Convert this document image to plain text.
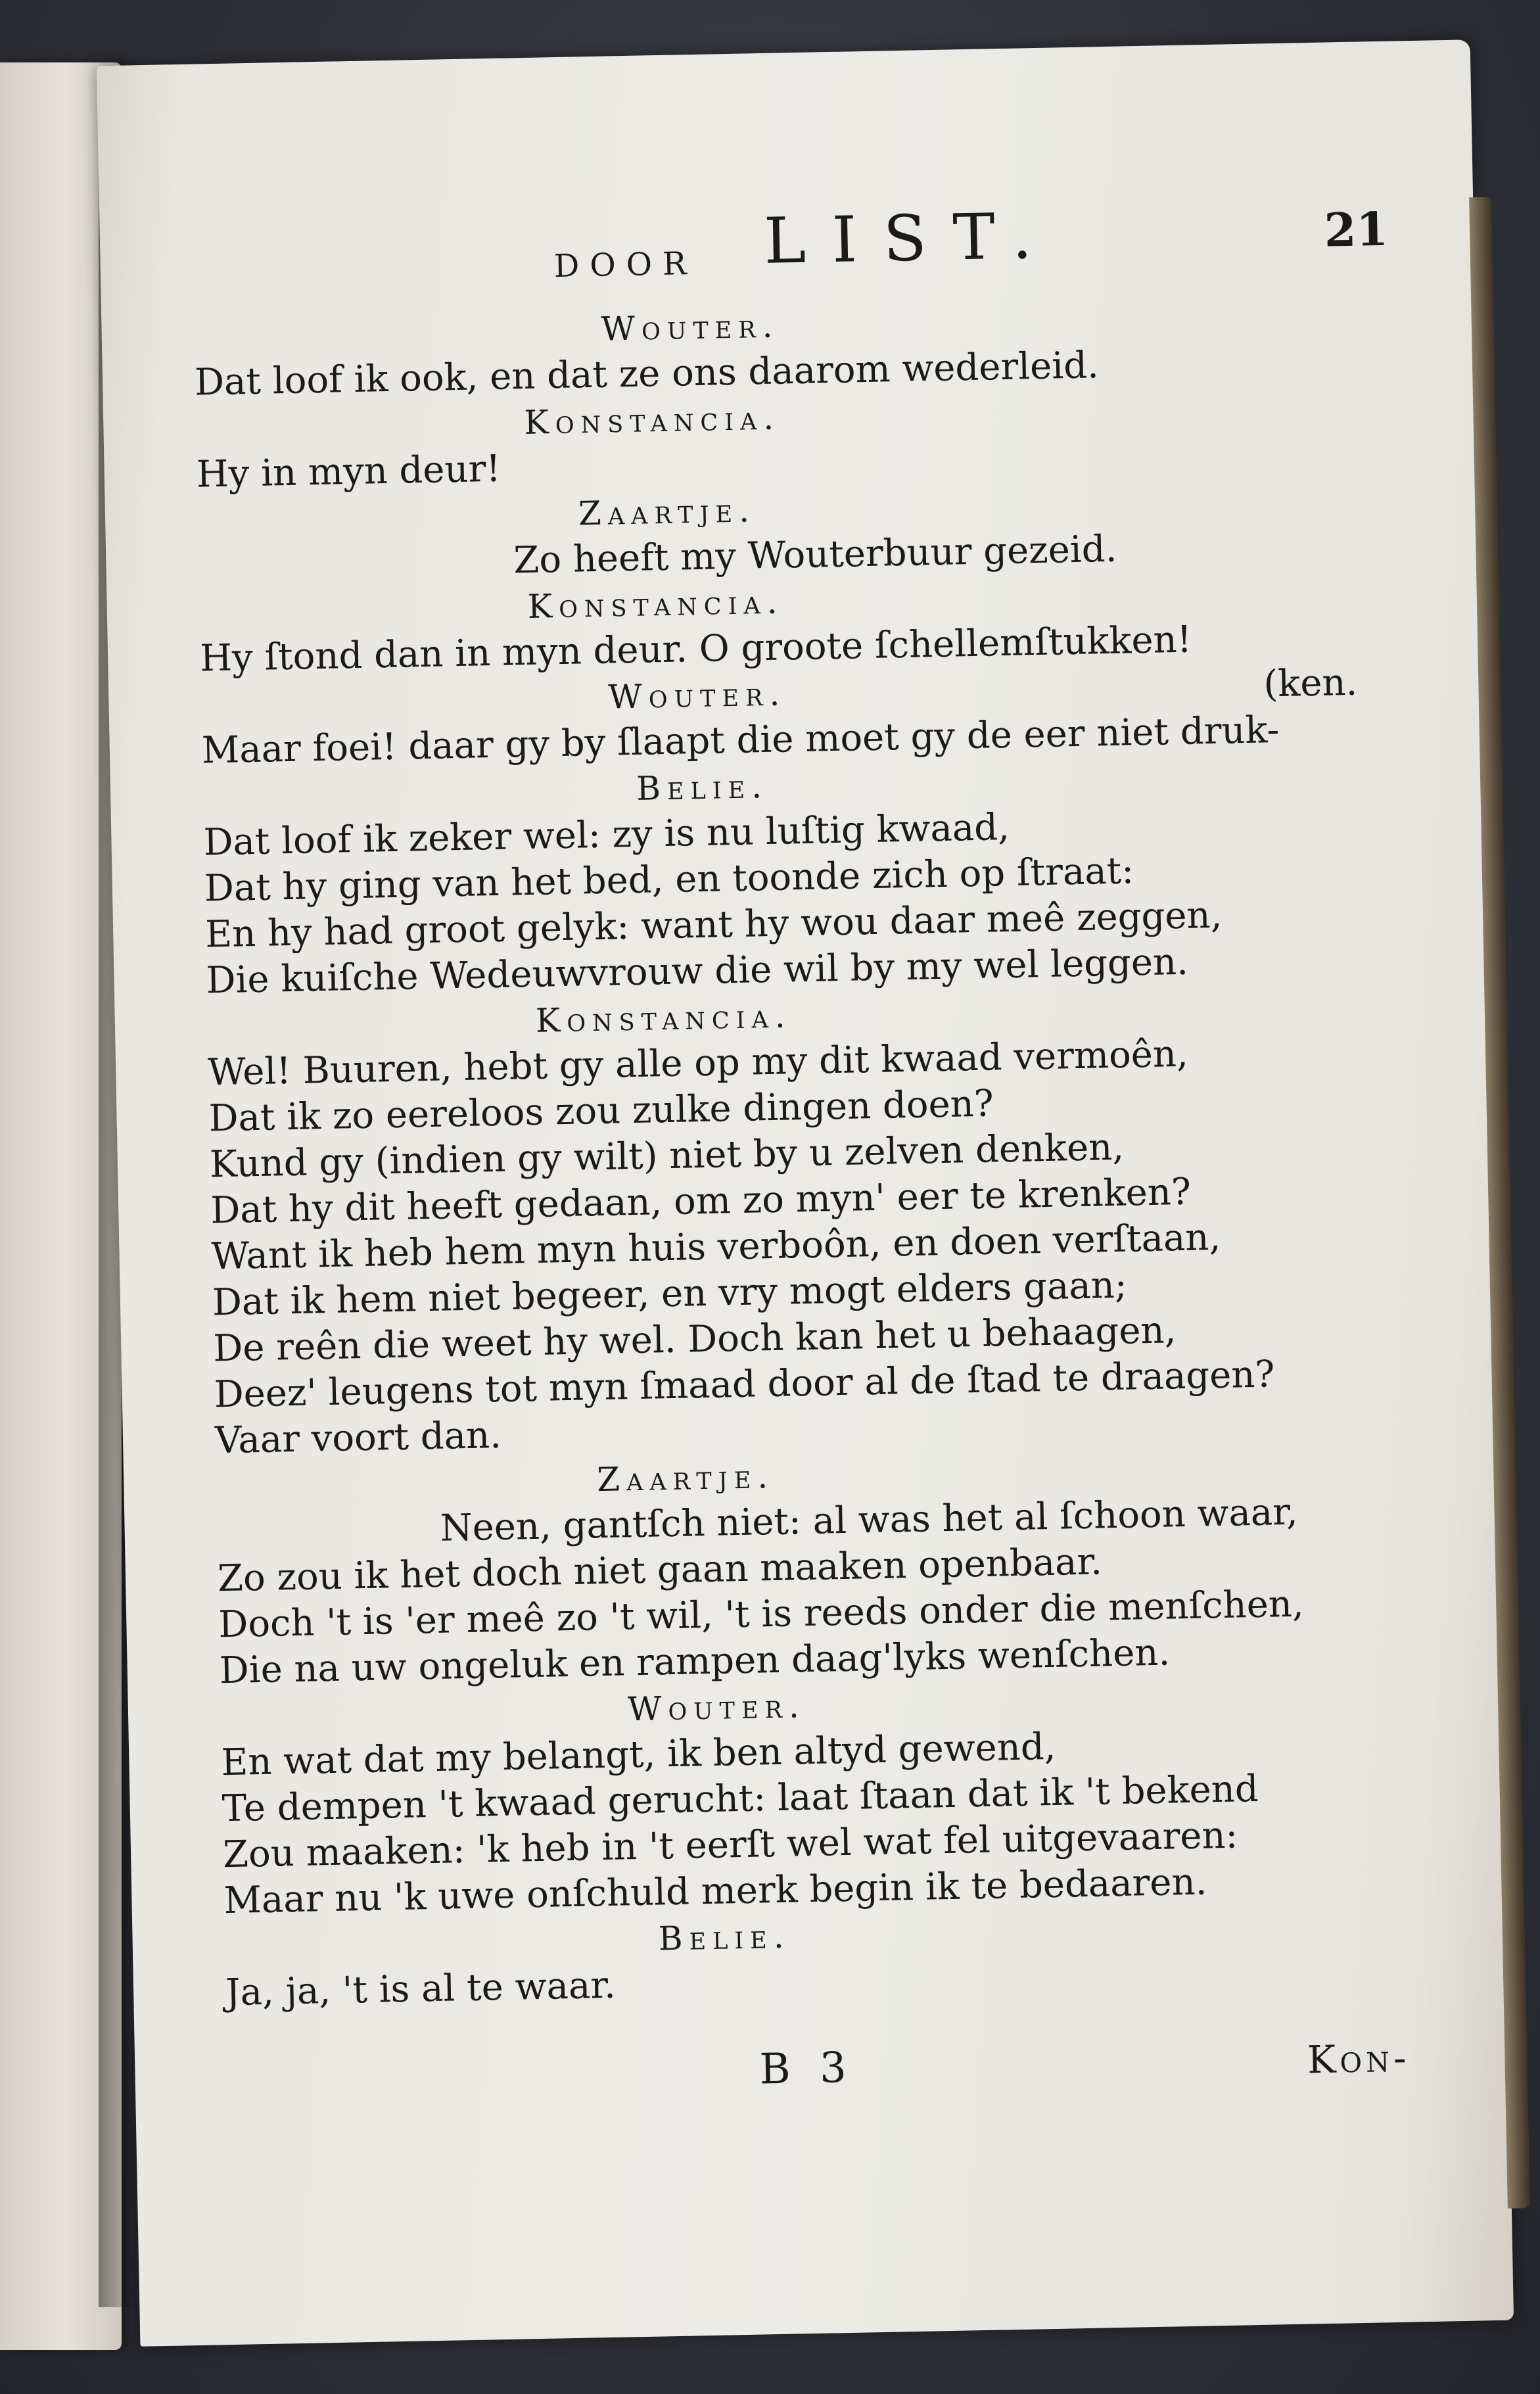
DOOR LIST.	21
Wouter.
Dat loof ik ook, en dat ze ons daarom wederleid.
Konstancia.
Hy in myn deur!
Zaartje.
Zo heeft my Wouterbuur gezeid.
Konstancia.
Hy ſtond dan in myn deur. O groote ſchellemſtukken!
Wouter.	(ken.
Maar foei! daar gy by ſlaapt die moet gy de eer niet druk-
Belie.
Dat loof ik zeker wel: zy is nu luſtig kwaad,
Dat hy ging van het bed, en toonde zich op ſtraat:
En hy had groot gelyk: want hy wou daar meê zeggen,
Die kuiſche Wedeuwvrouw die wil by my wel leggen.
Konstancia.
Wel! Buuren, hebt gy alle op my dit kwaad vermoên,
Dat ik zo eereloos zou zulke dingen doen?
Kund gy (indien gy wilt) niet by u zelven denken,
Dat hy dit heeft gedaan, om zo myn' eer te krenken?
Want ik heb hem myn huis verboôn, en doen verſtaan,
Dat ik hem niet begeer, en vry mogt elders gaan;
De reên die weet hy wel. Doch kan het u behaagen,
Deez' leugens tot myn ſmaad door al de ſtad te draagen?
Vaar voort dan.
Zaartje.
Neen, gantſch niet: al was het al ſchoon waar,
Zo zou ik het doch niet gaan maaken openbaar.
Doch 't is 'er meê zo 't wil, 't is reeds onder die menſchen,
Die na uw ongeluk en rampen daag'lyks wenſchen.
Wouter.
En wat dat my belangt, ik ben altyd gewend,
Te dempen 't kwaad gerucht: laat ſtaan dat ik 't bekend
Zou maaken: 'k heb in 't eerſt wel wat fel uitgevaaren:
Maar nu 'k uwe onſchuld merk begin ik te bedaaren.
Belie.
Ja, ja, 't is al te waar.
B 3	Kon-
